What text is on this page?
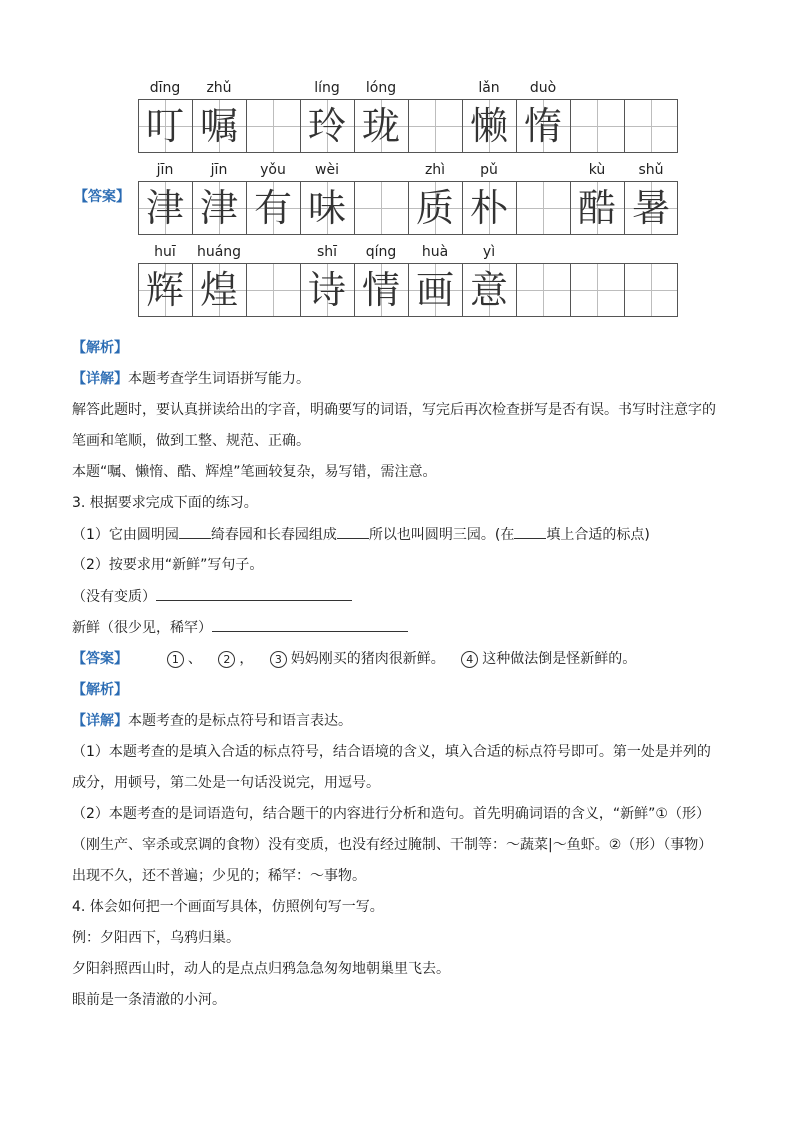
dīng	zhǔ	líng	lóng	lǎn	duò
叮 嘱 玲 珑 懒 惰
jīn	jīn	yǒu	wèi	zhì	pǔ	kù	shǔ
津 津 有 味 质 朴 酷 暑
huī	huáng	shī	qíng	huà	yì
辉 煌 诗 情 画 意
【答案】
【解析】
【详解】本题考查学生词语拼写能力。
解答此题时，要认真拼读给出的字音，明确要写的词语，写完后再次检查拼写是否有误。书写时注意字的
笔画和笔顺，做到工整、规范、正确。
本题“嘱、懒惰、酷、辉煌”笔画较复杂，易写错，需注意。
3. 根据要求完成下面的练习。
（1）它由圆明园 绮春园和长春园组成 所以也叫圆明三园。(在 填上合适的标点)
（2）按要求用“新鲜”写句子。
（没有变质）
新鲜（很少见，稀罕）
【答案】	1 、 2 ， 3 妈妈刚买的猪肉很新鲜。 4 这种做法倒是怪新鲜的。
【解析】
【详解】本题考查的是标点符号和语言表达。
（1）本题考查的是填入合适的标点符号，结合语境的含义，填入合适的标点符号即可。第一处是并列的
成分，用顿号，第二处是一句话没说完，用逗号。
（2）本题考查的是词语造句，结合题干的内容进行分析和造句。首先明确词语的含义，“新鲜”①（形）
（刚生产、宰杀或烹调的食物）没有变质，也没有经过腌制、干制等：～蔬菜|～鱼虾。②（形）（事物）
出现不久，还不普遍；少见的；稀罕：～事物。
4. 体会如何把一个画面写具体，仿照例句写一写。
例：夕阳西下，乌鸦归巢。
夕阳斜照西山时，动人的是点点归鸦急急匆匆地朝巢里飞去。
眼前是一条清澈的小河。
